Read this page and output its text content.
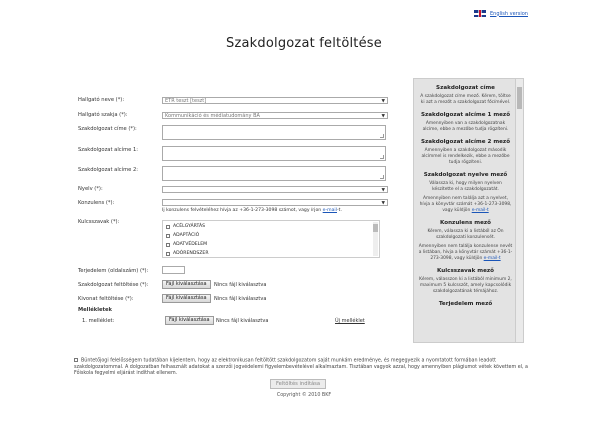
English version
Szakdolgozat feltöltése
Hallgató neve (*):	ETR teszt [teszt]	▼
Hallgató szakja (*):	Kommunikáció és médiatudomány BA	▼
Szakdolgozat címe (*):
Szakdolgozat alcíme 1:
Szakdolgozat alcíme 2:
Nyelv (*):	▼
Konzulens (*):	▼
Ij konzulens felvételéhez hívja az +36-1-273-3098 számot, vagy írjon e-mail-t.
Kulcsszavak (*):
ACÉLGYÁRTÁS
ADAPTÁCIÓ
ADATVÉDELEM
ADÓRENDSZER
Terjedelem (oldalszám) (*):
Szakdolgozat feltöltése (*):	Fájl kiválasztása	Nincs fájl kiválasztva
Kivonat feltöltése (*):	Fájl kiválasztása	Nincs fájl kiválasztva
Mellékletek
1. melléklet:	Fájl kiválasztása	Nincs fájl kiválasztva	Új melléklet
Szakdolgozat címe
A szakdolgozat címe mező. Kérem, töltse ki azt a mezőt a szakdolgozat főcímével.
Szakdolgozat alcíme 1 mező
Amennyiben van a szakdolgozatnak alcíme, ebbe a mezőbe tudja rögzíteni.
Szakdolgozat alcíme 2 mező
Amennyiben a szakdolgozat második alcímmel is rendelkezik, ebbe a mezőbe tudja rögzíteni.
Szakdolgozat nyelve mező
Válassza ki, hogy milyen nyelven készítette el a szakdolgozatát.
Amennyiben nem találja azt a nyelvet, hívja a könyvtár számát +36-1-273-3098, vagy küldjön e-mail-t
Konzulens mező
Kérem, válassza ki a listából az Ön szakdolgozati konzulensét.
Amennyiben nem találja konzulense nevét a listában, hívja a könyvtár számát +36-1-273-3098, vagy küldjön e-mail-t
Kulcsszavak mező
Kérem, válasszon ki a listából minimum 2, maximum 5 kulcsszót, amely kapcsolódik szakdolgozatának témájához.
Terjedelem mező
Büntetőjogi felelősségem tudatában kijelentem, hogy az elektronikusan feltöltött szakdolgozatom saját munkám eredménye, és megegyezik a nyomtatott formában leadott szakdolgozatommal. A dolgozatban felhasznált adatokat a szerzői jogvédelemi figyelembevételével alkalmaztam. Tisztában vagyok azzal, hogy amennyiben plágiumot vétek követtem el, a Főiskola fegyelmi eljárást indíthat ellenem.
Feltöltés indítása
Copyright © 2010 BKF
